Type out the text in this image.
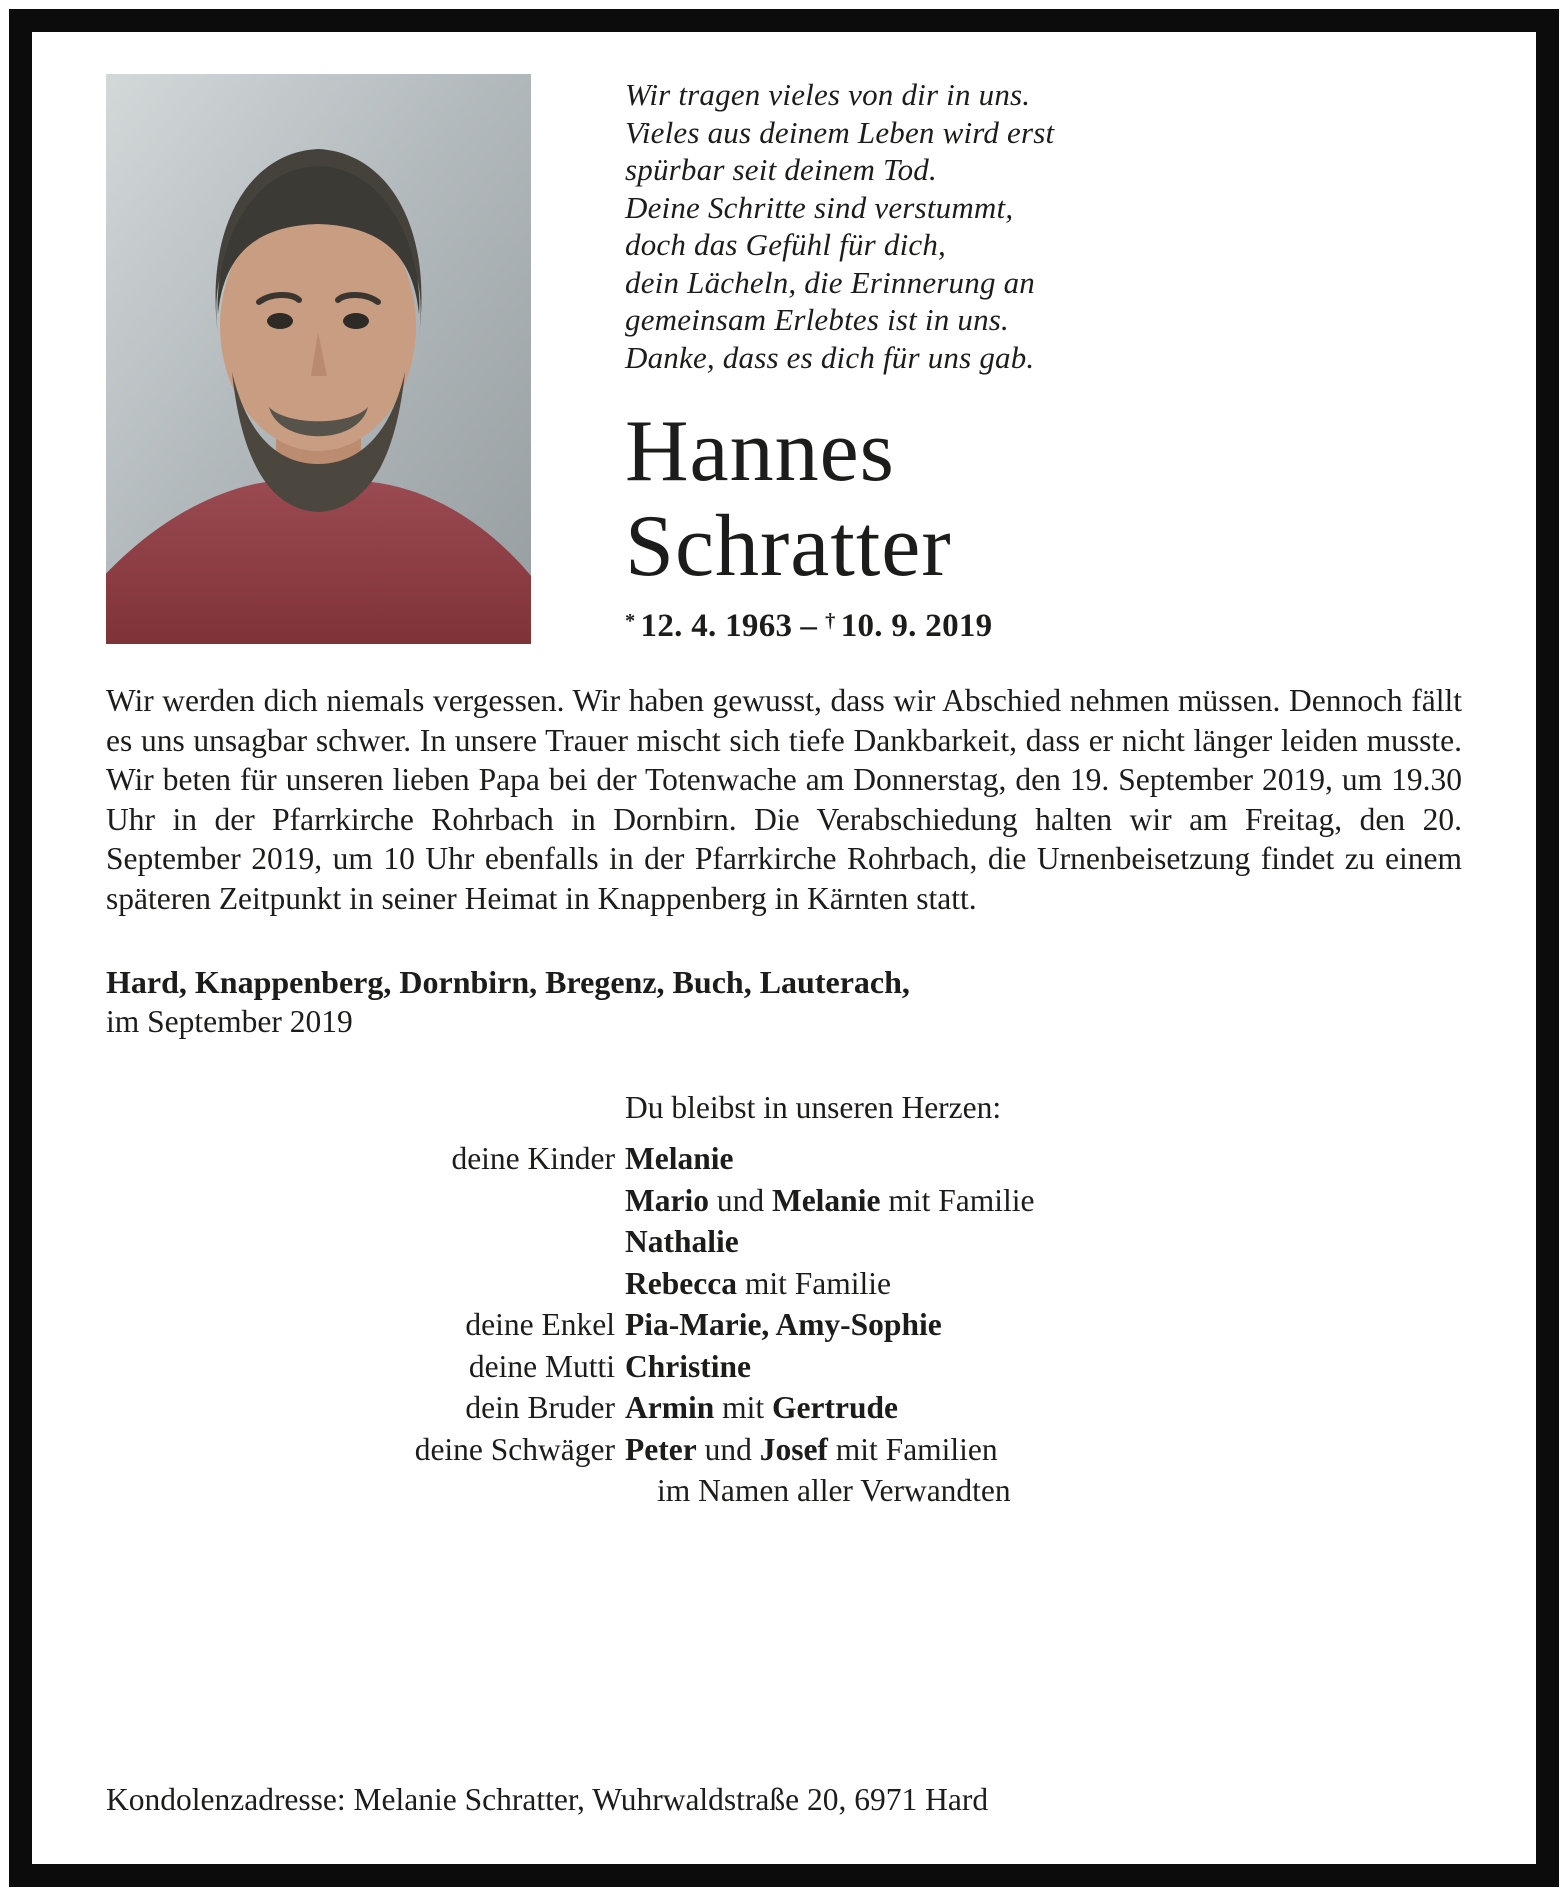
Wir tragen vieles von dir in uns.
Vieles aus deinem Leben wird erst
spürbar seit deinem Tod.
Deine Schritte sind verstummt,
doch das Gefühl für dich,
dein Lächeln, die Erinnerung an
gemeinsam Erlebtes ist in uns.
Danke, dass es dich für uns gab.
Hannes
Schratter
* 12. 4. 1963 – † 10. 9. 2019

Wir werden dich niemals vergessen. Wir haben gewusst, dass wir Abschied nehmen müssen. Dennoch fällt es uns unsagbar schwer. In unsere Trauer mischt sich tiefe Dankbarkeit, dass er nicht länger leiden musste. Wir beten für unseren lieben Papa bei der Totenwache am Donnerstag, den 19. September 2019, um 19.30 Uhr in der Pfarrkirche Rohrbach in Dornbirn. Die Verabschiedung halten wir am Freitag, den 20. September 2019, um 10 Uhr ebenfalls in der Pfarrkirche Rohrbach, die Urnenbeisetzung findet zu einem späteren Zeitpunkt in seiner Heimat in Knappenberg in Kärnten statt.

Hard, Knappenberg, Dornbirn, Bregenz, Buch, Lauterach,
im September 2019
Du bleibst in unseren Herzen:
deine Kinder Melanie
Mario und Melanie mit Familie
Nathalie
Rebecca mit Familie
deine Enkel Pia-Marie, Amy-Sophie
deine Mutti Christine
dein Bruder Armin mit Gertrude
deine Schwäger Peter und Josef mit Familien
im Namen aller Verwandten
Kondolenzadresse: Melanie Schratter, Wuhrwaldstraße 20, 6971 Hard
